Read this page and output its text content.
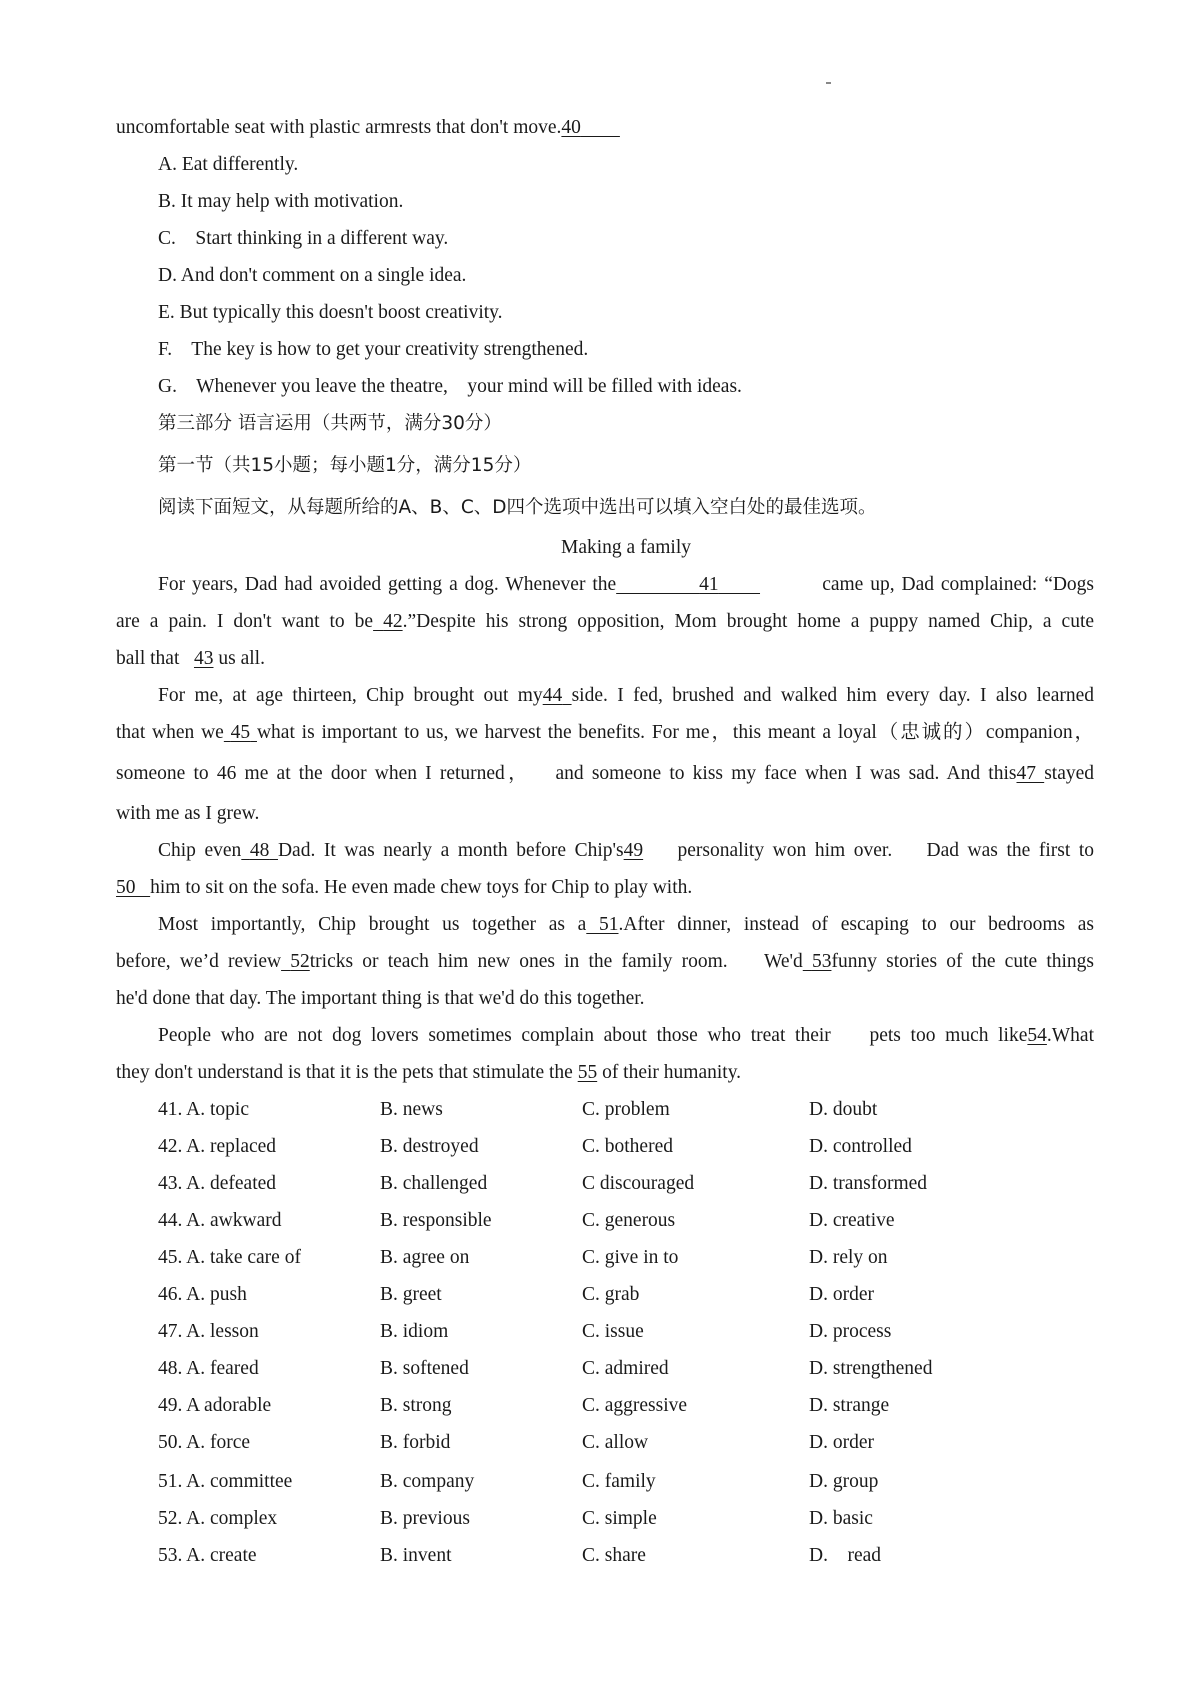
uncomfortable seat with plastic armrests that don't move.40
A. Eat differently.
B. It may help with motivation.
C.    Start thinking in a different way.
D. And don't comment on a single idea.
E. But typically this doesn't boost creativity.
F.    The key is how to get your creativity strengthened.
G.    Whenever you leave the theatre,    your mind will be filled with ideas.
第三部分 语言运用（共两节，满分30分）
第一节（共15小题；每小题1分，满分15分）
阅读下面短文，从每题所给的A、B、C、D四个选项中选出可以填入空白处的最佳选项。
Making a family
For years, Dad had avoided getting a dog. Whenever the	41	came up, Dad complained: “Dogs
are a pain. I don't want to be 42.”Despite his strong opposition, Mom brought home a puppy named Chip, a cute
ball that 43 us all.
For me, at age thirteen, Chip brought out my44 side. I fed, brushed and walked him every day. I also learned
that when we 45 what is important to us, we harvest the benefits. For me，this meant a loyal（忠诚的）companion，
someone to 46 me at the door when I returned，   and someone to kiss my face when I was sad. And this47 stayed
with me as I grew.
Chip even 48 Dad. It was nearly a month before Chip's49 personality won him over.    Dad was the first to
50 him to sit on the sofa. He even made chew toys for Chip to play with.
Most importantly, Chip brought us together as a 51.After dinner, instead of escaping to our bedrooms as
before, we’d review 52tricks or teach him new ones in the family room.    We'd 53funny stories of the cute things
he'd done that day. The important thing is that we'd do this together.
People who are not dog lovers sometimes complain about those who treat their    pets too much like54.What
they don't understand is that it is the pets that stimulate the 55 of their humanity.
41. A. topic	B. news	C. problem	D. doubt
42. A. replaced	B. destroyed	C. bothered	D. controlled
43. A. defeated	B. challenged	C discouraged	D. transformed
44. A. awkward	B. responsible	C. generous	D. creative
45. A. take care of	B. agree on	C. give in to	D. rely on
46. A. push	B. greet	C. grab	D. order
47. A. lesson	B. idiom	C. issue	D. process
48. A. feared	B. softened	C. admired	D. strengthened
49. A adorable	B. strong	C. aggressive	D. strange
50. A. force	B. forbid	C. allow	D. order
51. A. committee	B. company	C. family	D. group
52. A. complex	B. previous	C. simple	D. basic
53. A. create	B. invent	C. share	D.    read
